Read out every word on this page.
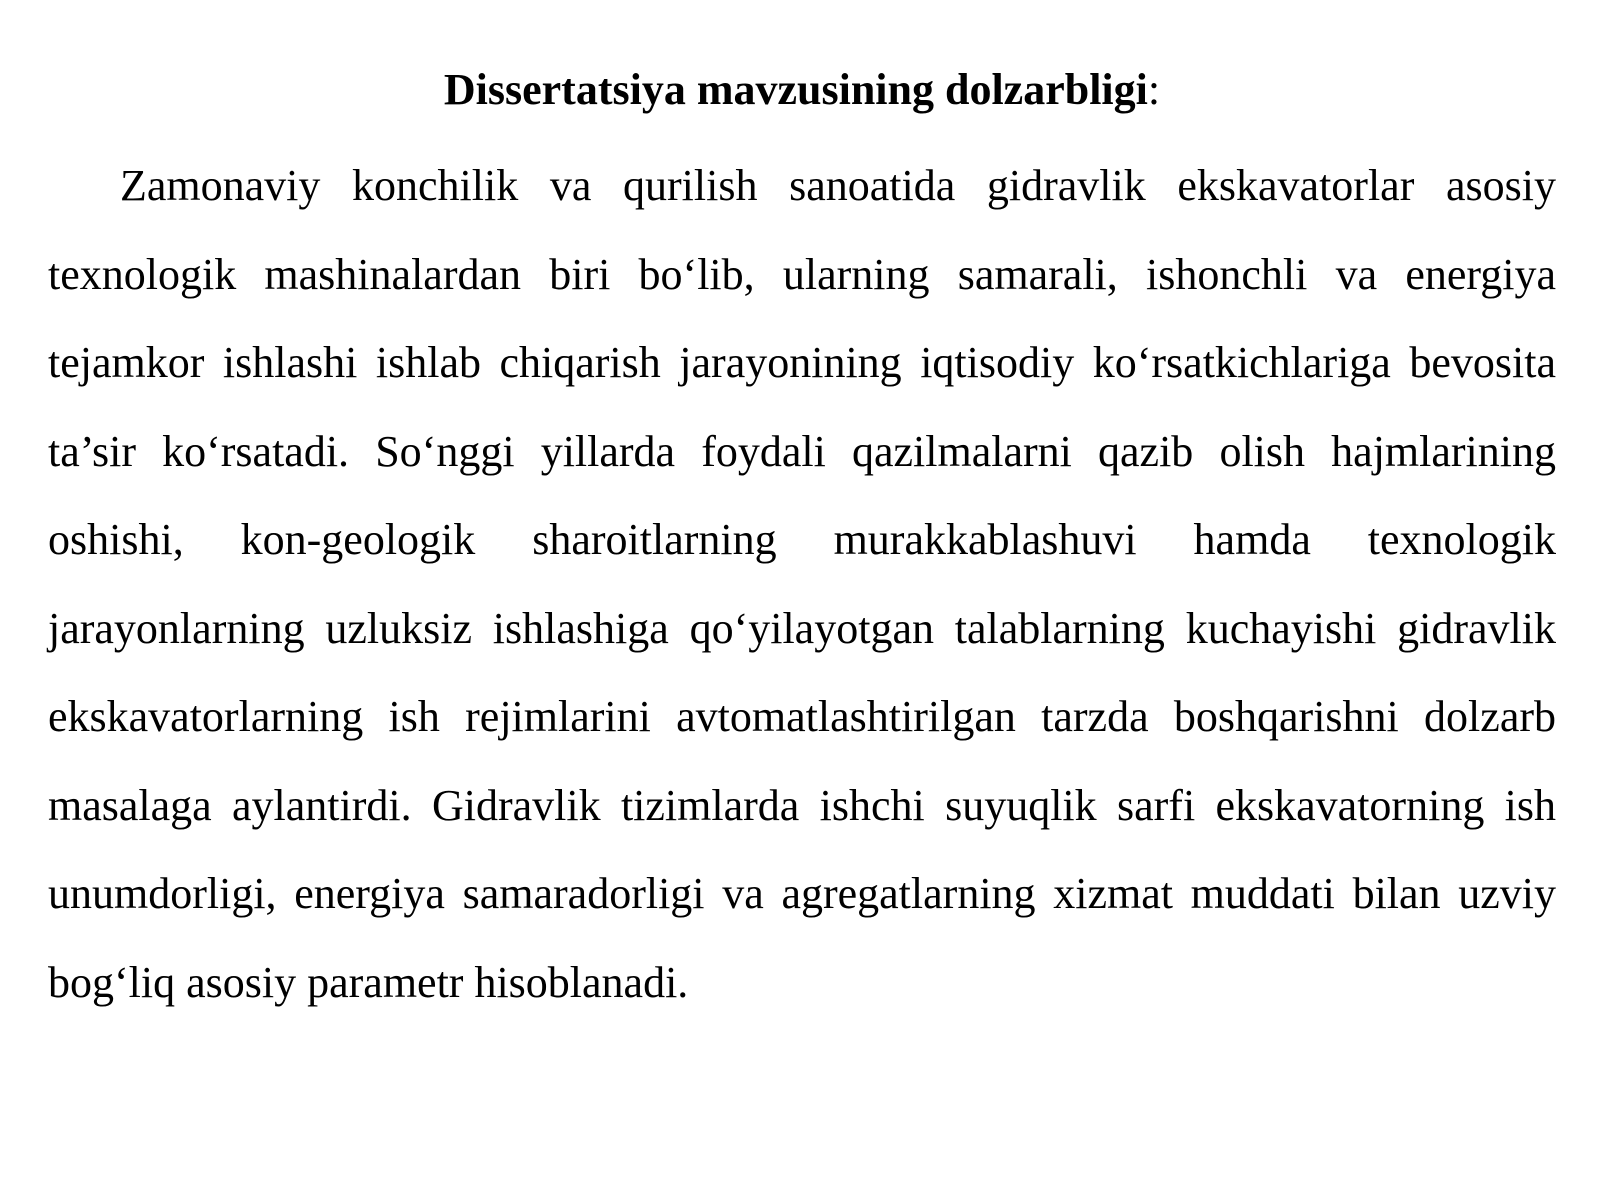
Dissertatsiya mavzusining dolzarbligi:

Zamonaviy konchilik va qurilish sanoatida gidravlik ekskavatorlar asosiy texnologik mashinalardan biri bo‘lib, ularning samarali, ishonchli va energiya tejamkor ishlashi ishlab chiqarish jarayonining iqtisodiy ko‘rsatkichlariga bevosita ta’sir ko‘rsatadi. So‘nggi yillarda foydali qazilmalarni qazib olish hajmlarining oshishi, kon-geologik sharoitlarning murakkablashuvi hamda texnologik jarayonlarning uzluksiz ishlashiga qo‘yilayotgan talablarning kuchayishi gidravlik ekskavatorlarning ish rejimlarini avtomatlashtirilgan tarzda boshqarishni dolzarb masalaga aylantirdi. Gidravlik tizimlarda ishchi suyuqlik sarfi ekskavatorning ish unumdorligi, energiya samaradorligi va agregatlarning xizmat muddati bilan uzviy bog‘liq asosiy parametr hisoblanadi.
